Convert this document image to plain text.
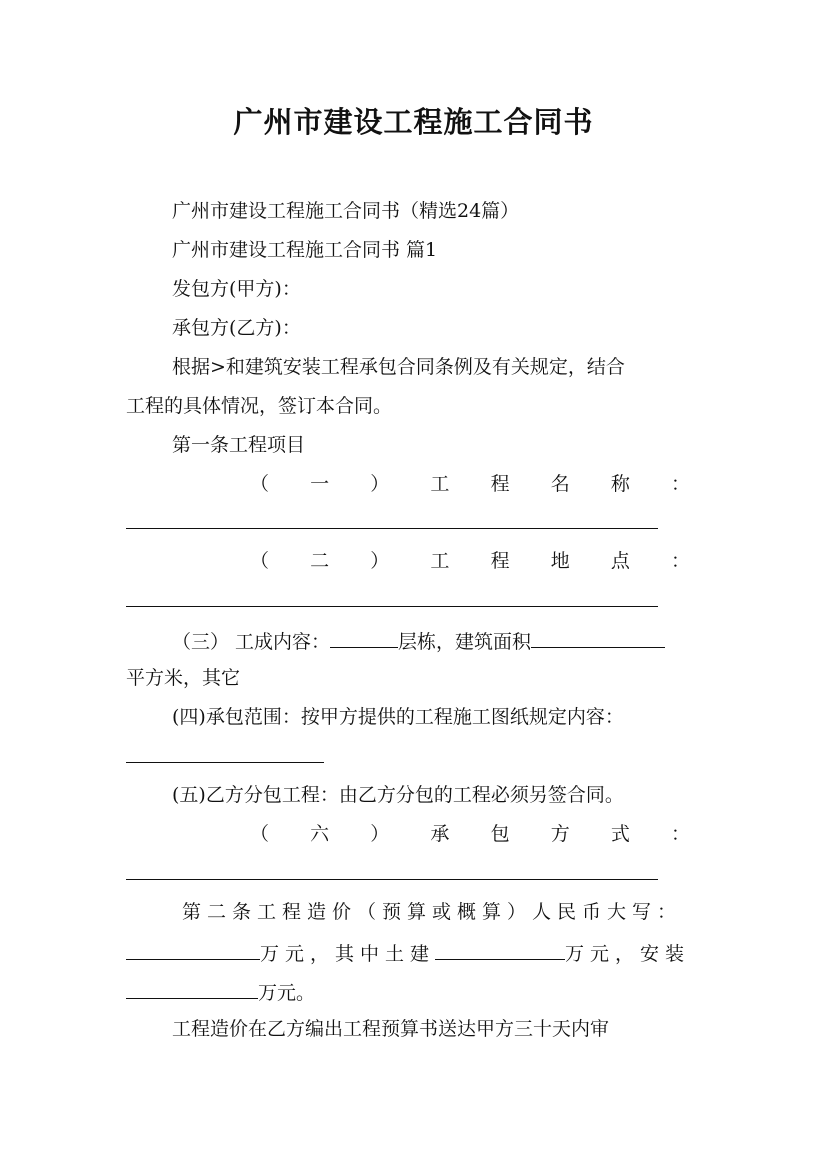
广州市建设工程施工合同书
广州市建设工程施工合同书（精选24篇）
广州市建设工程施工合同书 篇1
发包方(甲方)：
承包方(乙方)：
根据>和建筑安装工程承包合同条例及有关规定，结合
工程的具体情况，签订本合同。
第一条工程项目
（ 一 ） 工 程 名 称 ：
（ 二 ） 工 程 地 点 ：
（三） 工成内容：	层栋，建筑面积
平方米，其它
(四)承包范围：按甲方提供的工程施工图纸规定内容：
(五)乙方分包工程：由乙方分包的工程必须另签合同。
（ 六 ） 承 包 方 式 ：
第二条工程造价（预算或概算）人民币大写：
万元，其中土建	万元，安装
万元。
工程造价在乙方编出工程预算书送达甲方三十天内审
